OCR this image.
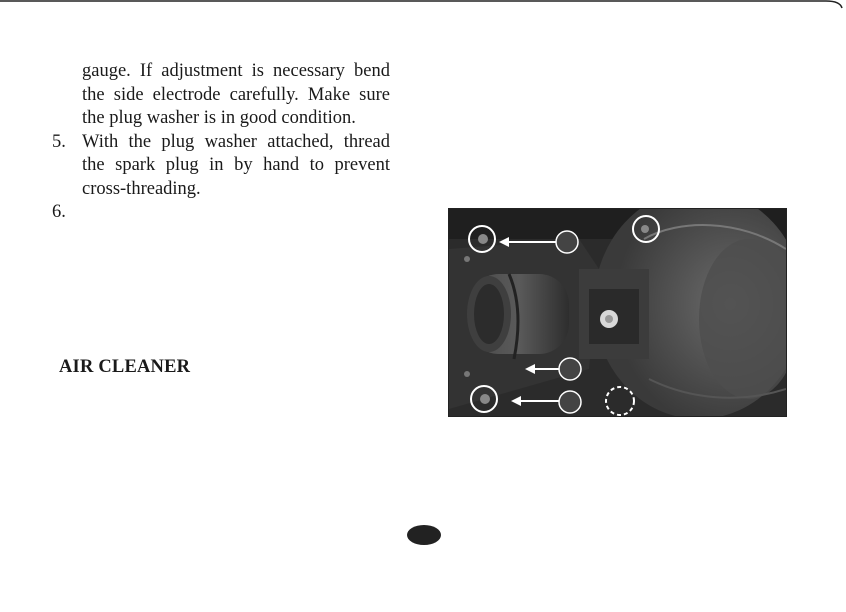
gauge. If adjustment is necessary bend
the side electrode carefully. Make sure
the plug washer is in good condition.
5. With the plug washer attached, thread
the spark plug in by hand to prevent
cross-threading.
6.
AIR CLEANER
